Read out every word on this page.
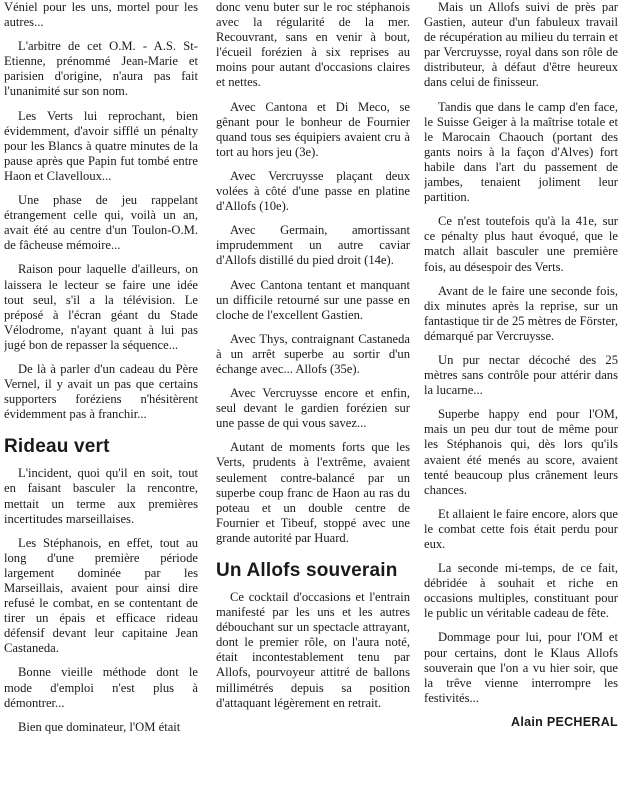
Véniel pour les uns, mortel pour les autres...

L'arbitre de cet O.M. - A.S. St-Etienne, prénommé Jean-Marie et parisien d'origine, n'aura pas fait l'unanimité sur son nom.

Les Verts lui reprochant, bien évidemment, d'avoir sifflé un pénalty pour les Blancs à quatre minutes de la pause après que Papin fut tombé entre Haon et Clavelloux...

Une phase de jeu rappelant étrangement celle qui, voilà un an, avait été au centre d'un Toulon-O.M. de fâcheuse mémoire...

Raison pour laquelle d'ailleurs, on laissera le lecteur se faire une idée tout seul, s'il a la télévision. Le préposé à l'écran géant du Stade Vélodrome, n'ayant quant à lui pas jugé bon de repasser la séquence...

De là à parler d'un cadeau du Père Vernel, il y avait un pas que certains supporters foréziens n'hésitèrent évidemment pas à franchir...

Rideau vert

L'incident, quoi qu'il en soit, tout en faisant basculer la rencontre, mettait un terme aux premières incertitudes marseillaises.

Les Stéphanois, en effet, tout au long d'une première période largement dominée par les Marseillais, avaient pour ainsi dire refusé le combat, en se contentant de tirer un épais et efficace rideau défensif devant leur capitaine Jean Castaneda.

Bonne vieille méthode dont le mode d'emploi n'est plus à démontrer...

Bien que dominateur, l'OM était

donc venu buter sur le roc stéphanois avec la régularité de la mer. Recouvrant, sans en venir à bout, l'écueil forézien à six reprises au moins pour autant d'occasions claires et nettes.

Avec Cantona et Di Meco, se gênant pour le bonheur de Fournier quand tous ses équipiers avaient cru à tort au hors jeu (3e).

Avec Vercruysse plaçant deux volées à côté d'une passe en platine d'Allofs (10e).

Avec Germain, amortissant imprudemment un autre caviar d'Allofs distillé du pied droit (14e).

Avec Cantona tentant et manquant un difficile retourné sur une passe en cloche de l'excellent Gastien.

Avec Thys, contraignant Castaneda à un arrêt superbe au sortir d'un échange avec... Allofs (35e).

Avec Vercruysse encore et enfin, seul devant le gardien forézien sur une passe de qui vous savez...

Autant de moments forts que les Verts, prudents à l'extrême, avaient seulement contre-balancé par un superbe coup franc de Haon au ras du poteau et un double centre de Fournier et Tibeuf, stoppé avec une grande autorité par Huard.

Un Allofs souverain

Ce cocktail d'occasions et l'entrain manifesté par les uns et les autres débouchant sur un spectacle attrayant, dont le premier rôle, on l'aura noté, était incontestablement tenu par Allofs, pourvoyeur attitré de ballons millimétrés depuis sa position d'attaquant légèrement en retrait.

Mais un Allofs suivi de près par Gastien, auteur d'un fabuleux travail de récupération au milieu du terrain et par Vercruysse, royal dans son rôle de distributeur, à défaut d'être heureux dans celui de finisseur.

Tandis que dans le camp d'en face, le Suisse Geiger à la maîtrise totale et le Marocain Chaouch (portant des gants noirs à la façon d'Alves) fort habile dans l'art du passement de jambes, tenaient joliment leur partition.

Ce n'est toutefois qu'à la 41e, sur ce pénalty plus haut évoqué, que le match allait basculer une première fois, au désespoir des Verts.

Avant de le faire une seconde fois, dix minutes après la reprise, sur un fantastique tir de 25 mètres de Förster, démarqué par Vercruysse.

Un pur nectar décoché des 25 mètres sans contrôle pour attérir dans la lucarne...

Superbe happy end pour l'OM, mais un peu dur tout de même pour les Stéphanois qui, dès lors qu'ils avaient été menés au score, avaient tenté beaucoup plus crânement leurs chances.

Et allaient le faire encore, alors que le combat cette fois était perdu pour eux.

La seconde mi-temps, de ce fait, débridée à souhait et riche en occasions multiples, constituant pour le public un véritable cadeau de fête.

Dommage pour lui, pour l'OM et pour certains, dont le Klaus Allofs souverain que l'on a vu hier soir, que la trêve vienne interrompre les festivités...

Alain PECHERAL
